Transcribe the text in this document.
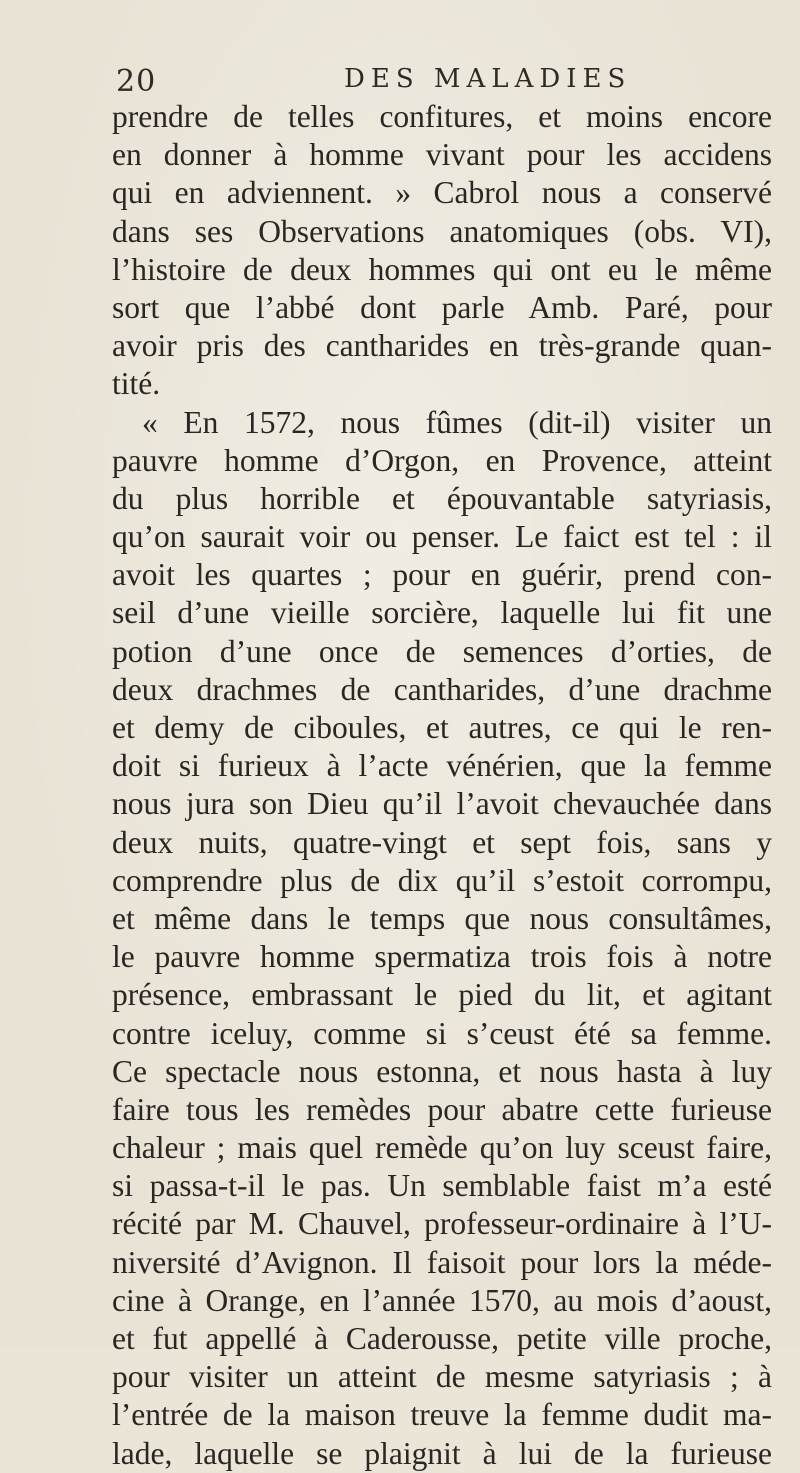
20	DES MALADIES
prendre de telles confitures, et moins encore
en donner à homme vivant pour les accidens
qui en adviennent. » Cabrol nous a conservé
dans ses Observations anatomiques (obs. VI),
l’histoire de deux hommes qui ont eu le même
sort que l’abbé dont parle Amb. Paré, pour
avoir pris des cantharides en très-grande quan-
tité.
« En 1572, nous fûmes (dit-il) visiter un
pauvre homme d’Orgon, en Provence, atteint
du plus horrible et épouvantable satyriasis,
qu’on saurait voir ou penser. Le faict est tel : il
avoit les quartes ; pour en guérir, prend con-
seil d’une vieille sorcière, laquelle lui fit une
potion d’une once de semences d’orties, de
deux drachmes de cantharides, d’une drachme
et demy de ciboules, et autres, ce qui le ren-
doit si furieux à l’acte vénérien, que la femme
nous jura son Dieu qu’il l’avoit chevauchée dans
deux nuits, quatre-vingt et sept fois, sans y
comprendre plus de dix qu’il s’estoit corrompu,
et même dans le temps que nous consultâmes,
le pauvre homme spermatiza trois fois à notre
présence, embrassant le pied du lit, et agitant
contre iceluy, comme si s’ceust été sa femme.
Ce spectacle nous estonna, et nous hasta à luy
faire tous les remèdes pour abatre cette furieuse
chaleur ; mais quel remède qu’on luy sceust faire,
si passa-t-il le pas. Un semblable faist m’a esté
récité par M. Chauvel, professeur-ordinaire à l’U-
niversité d’Avignon. Il faisoit pour lors la méde-
cine à Orange, en l’année 1570, au mois d’aoust,
et fut appellé à Caderousse, petite ville proche,
pour visiter un atteint de mesme satyriasis ; à
l’entrée de la maison treuve la femme dudit ma-
lade, laquelle se plaignit à lui de la furieuse
